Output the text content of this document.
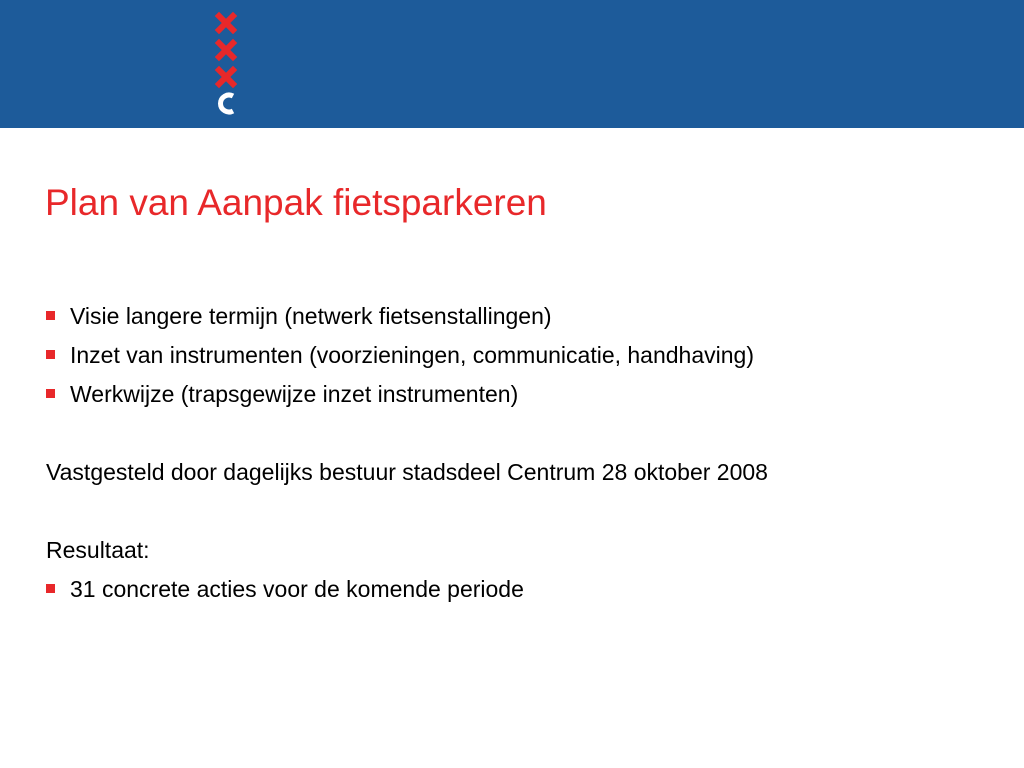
Plan van Aanpak fietsparkeren
Visie langere termijn (netwerk fietsenstallingen)
Inzet van instrumenten (voorzieningen, communicatie, handhaving)
Werkwijze (trapsgewijze inzet instrumenten)
Vastgesteld door dagelijks bestuur stadsdeel Centrum 28 oktober 2008
Resultaat:
31 concrete acties voor de komende periode
